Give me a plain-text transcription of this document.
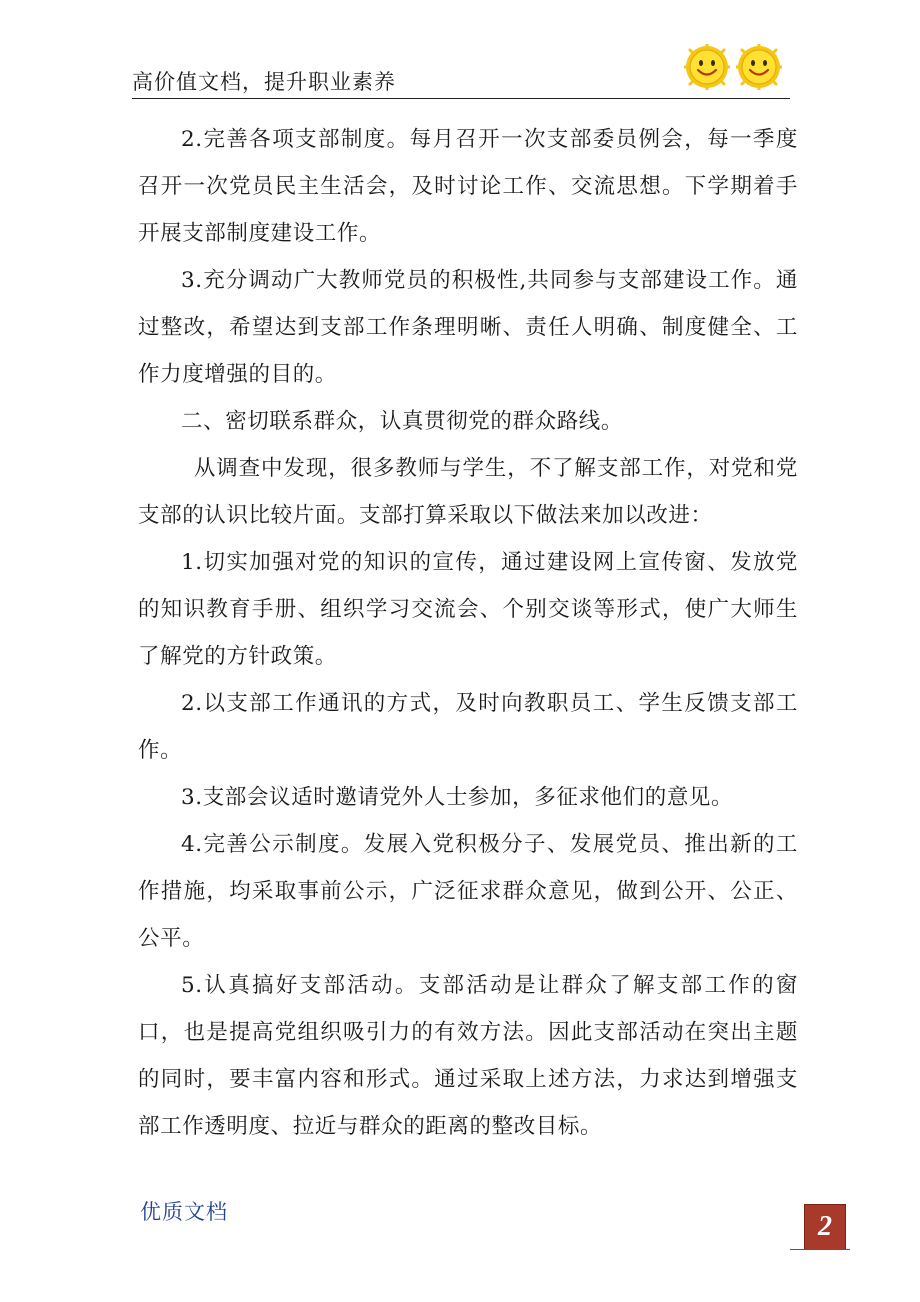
高价值文档，提升职业素养

2.完善各项支部制度。每月召开一次支部委员例会，每一季度召开一次党员民主生活会，及时讨论工作、交流思想。下学期着手开展支部制度建设工作。

3.充分调动广大教师党员的积极性,共同参与支部建设工作。通过整改，希望达到支部工作条理明晰、责任人明确、制度健全、工作力度增强的目的。

二、密切联系群众，认真贯彻党的群众路线。

从调查中发现，很多教师与学生，不了解支部工作，对党和党支部的认识比较片面。支部打算采取以下做法来加以改进：

1.切实加强对党的知识的宣传，通过建设网上宣传窗、发放党的知识教育手册、组织学习交流会、个别交谈等形式，使广大师生了解党的方针政策。

2.以支部工作通讯的方式，及时向教职员工、学生反馈支部工作。

3.支部会议适时邀请党外人士参加，多征求他们的意见。

4.完善公示制度。发展入党积极分子、发展党员、推出新的工作措施，均采取事前公示，广泛征求群众意见，做到公开、公正、公平。

5.认真搞好支部活动。支部活动是让群众了解支部工作的窗口，也是提高党组织吸引力的有效方法。因此支部活动在突出主题的同时，要丰富内容和形式。通过采取上述方法，力求达到增强支部工作透明度、拉近与群众的距离的整改目标。

优质文档	2
